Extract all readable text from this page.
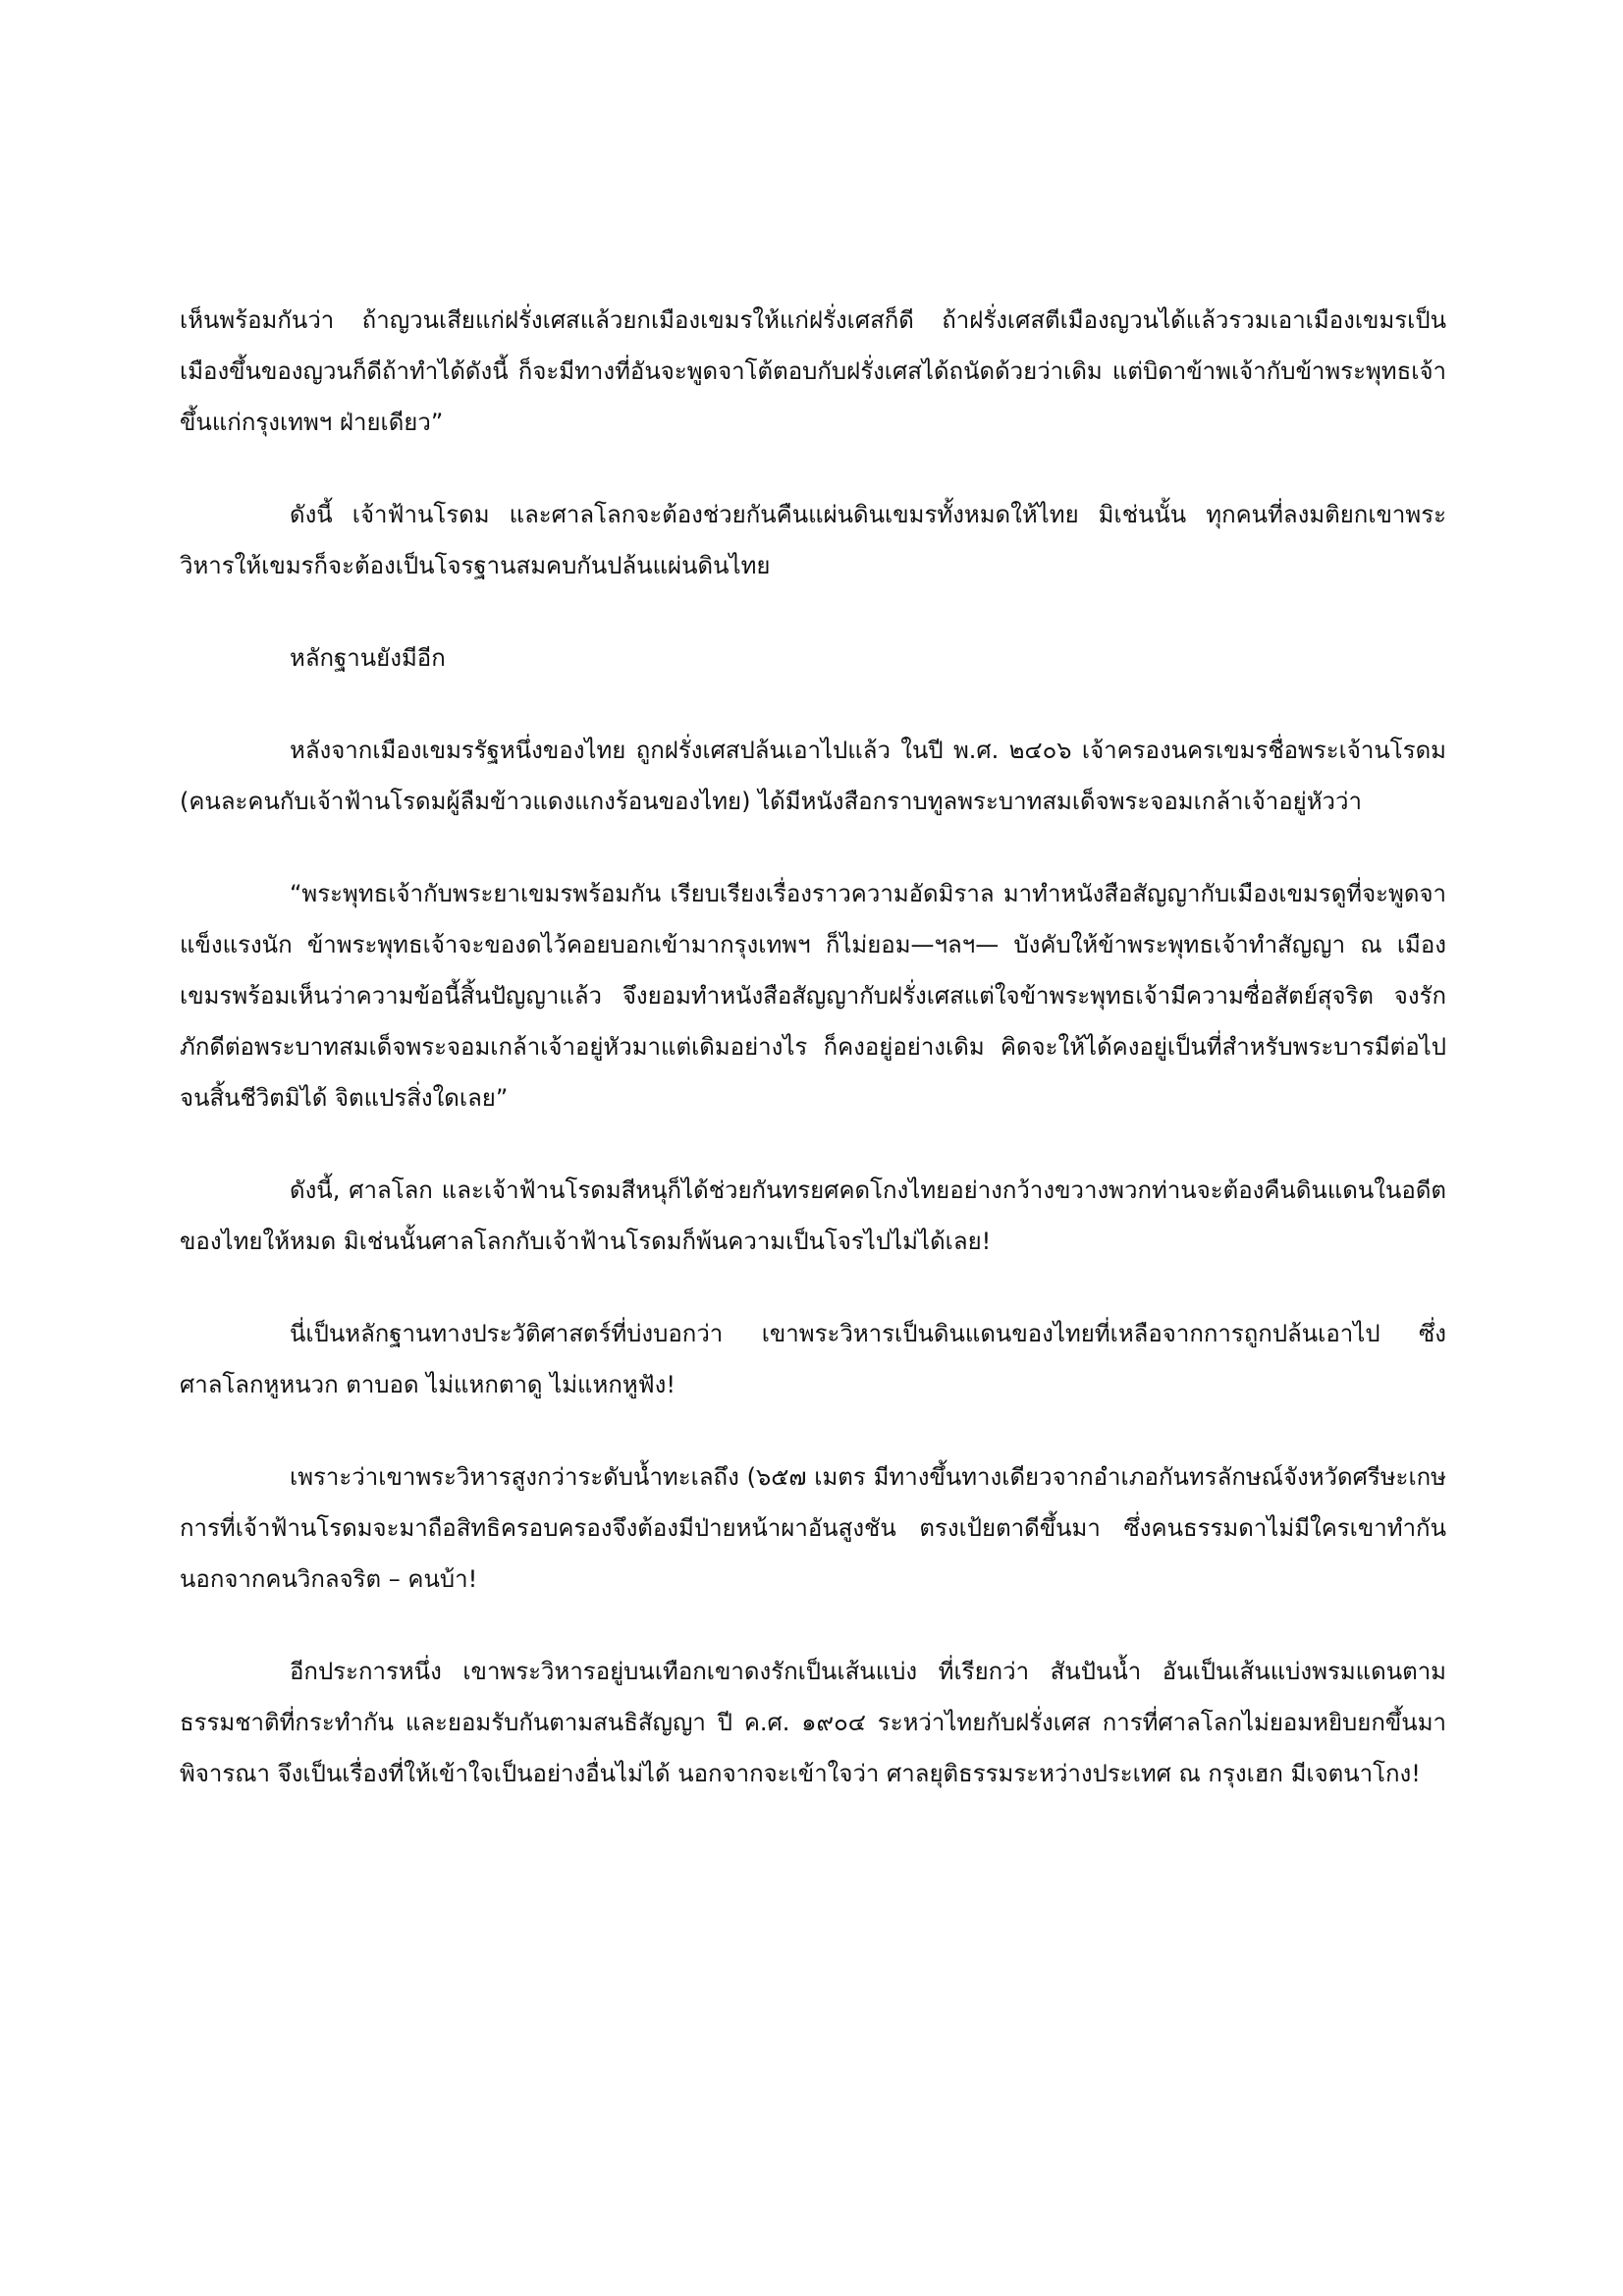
เห็นพร้อมกันว่า ถ้าญวนเสียแก่ฝรั่งเศสแล้วยกเมืองเขมรให้แก่ฝรั่งเศสก็ดี ถ้าฝรั่งเศสตีเมืองญวนได้แล้วรวมเอาเมืองเขมรเป็นเมืองขึ้นของญวนก็ดีถ้าทำได้ดังนี้ ก็จะมีทางที่อันจะพูดจาโต้ตอบกับฝรั่งเศสได้ถนัดด้วยว่าเดิม แต่บิดาข้าพเจ้ากับข้าพระพุทธเจ้า ขึ้นแก่กรุงเทพฯ ฝ่ายเดียว”

ดังนี้ เจ้าฟ้านโรดม และศาลโลกจะต้องช่วยกันคืนแผ่นดินเขมรทั้งหมดให้ไทย มิเช่นนั้น ทุกคนที่ลงมติยกเขาพระวิหารให้เขมรก็จะต้องเป็นโจรฐานสมคบกันปล้นแผ่นดินไทย

หลักฐานยังมีอีก

หลังจากเมืองเขมรรัฐหนึ่งของไทย ถูกฝรั่งเศสปล้นเอาไปแล้ว ในปี พ.ศ. ๒๔๐๖ เจ้าครองนครเขมรชื่อพระเจ้านโรดม (คนละคนกับเจ้าฟ้านโรดมผู้ลืมข้าวแดงแกงร้อนของไทย) ได้มีหนังสือกราบทูลพระบาทสมเด็จพระจอมเกล้าเจ้าอยู่หัวว่า

“พระพุทธเจ้ากับพระยาเขมรพร้อมกัน เรียบเรียงเรื่องราวความอัดมิราล มาทำหนังสือสัญญากับเมืองเขมรดูที่จะพูดจาแข็งแรงนัก ข้าพระพุทธเจ้าจะของดไว้คอยบอกเข้ามากรุงเทพฯ ก็ไม่ยอม—ฯลฯ— บังคับให้ข้าพระพุทธเจ้าทำสัญญา ณ เมืองเขมรพร้อมเห็นว่าความข้อนี้สิ้นปัญญาแล้ว จึงยอมทำหนังสือสัญญากับฝรั่งเศสแต่ใจข้าพระพุทธเจ้ามีความซื่อสัตย์สุจริต จงรักภักดีต่อพระบาทสมเด็จพระจอมเกล้าเจ้าอยู่หัวมาแต่เดิมอย่างไร ก็คงอยู่อย่างเดิม คิดจะให้ได้คงอยู่เป็นที่สำหรับพระบารมีต่อไปจนสิ้นชีวิตมิได้ จิตแปรสิ่งใดเลย”

ดังนี้, ศาลโลก และเจ้าฟ้านโรดมสีหนุก็ได้ช่วยกันทรยศคดโกงไทยอย่างกว้างขวางพวกท่านจะต้องคืนดินแดนในอดีตของไทยให้หมด มิเช่นนั้นศาลโลกกับเจ้าฟ้านโรดมก็พ้นความเป็นโจรไปไม่ได้เลย!

นี่เป็นหลักฐานทางประวัติศาสตร์ที่บ่งบอกว่า เขาพระวิหารเป็นดินแดนของไทยที่เหลือจากการถูกปล้นเอาไป ซึ่งศาลโลกหูหนวก ตาบอด ไม่แหกตาดู ไม่แหกหูฟัง!

เพราะว่าเขาพระวิหารสูงกว่าระดับน้ำทะเลถึง (๖๕๗ เมตร มีทางขึ้นทางเดียวจากอำเภอกันทรลักษณ์จังหวัดศรีษะเกษ การที่เจ้าฟ้านโรดมจะมาถือสิทธิครอบครองจึงต้องมีป่ายหน้าผาอันสูงชัน ตรงเป้ยตาดีขึ้นมา ซึ่งคนธรรมดาไม่มีใครเขาทำกัน นอกจากคนวิกลจริต – คนบ้า!

อีกประการหนึ่ง เขาพระวิหารอยู่บนเทือกเขาดงรักเป็นเส้นแบ่ง ที่เรียกว่า สันปันน้ำ อันเป็นเส้นแบ่งพรมแดนตามธรรมชาติที่กระทำกัน และยอมรับกันตามสนธิสัญญา ปี ค.ศ. ๑๙๐๔ ระหว่าไทยกับฝรั่งเศส การที่ศาลโลกไม่ยอมหยิบยกขึ้นมาพิจารณา จึงเป็นเรื่องที่ให้เข้าใจเป็นอย่างอื่นไม่ได้ นอกจากจะเข้าใจว่า ศาลยุติธรรมระหว่างประเทศ ณ กรุงเฮก มีเจตนาโกง!
